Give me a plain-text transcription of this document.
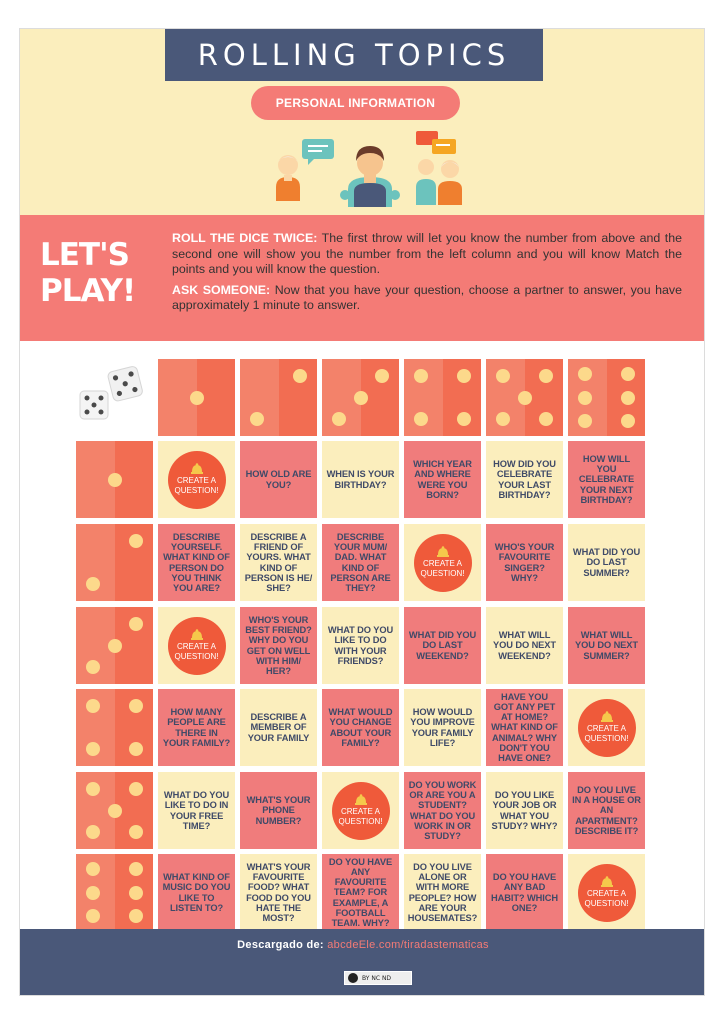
ROLLING TOPICS
PERSONAL INFORMATION
LET'S
PLAY!

ROLL THE DICE TWICE: The first throw will let you know the number from above and the second one will show you the number from the left column and you will know Match the points and you will know the question.

ASK SOMEONE: Now that you have your question, choose a partner to answer, you have approximately 1 minute to answer.

CREATE A QUESTION!
HOW OLD ARE YOU?
WHEN IS YOUR BIRTHDAY?
WHICH YEAR AND WHERE WERE YOU BORN?
HOW DID YOU CELEBRATE YOUR LAST BIRTHDAY?
HOW WILL YOU CELEBRATE YOUR NEXT BIRTHDAY?
DESCRIBE YOURSELF. WHAT KIND OF PERSON DO YOU THINK YOU ARE?
DESCRIBE A FRIEND OF YOURS. WHAT KIND OF PERSON IS HE/ SHE?
DESCRIBE YOUR MUM/ DAD. WHAT KIND OF PERSON ARE THEY?
CREATE A QUESTION!
WHO'S YOUR FAVOURITE SINGER? WHY?
WHAT DID YOU DO LAST SUMMER?
CREATE A QUESTION!
WHO'S YOUR BEST FRIEND? WHY DO YOU GET ON WELL WITH HIM/ HER?
WHAT DO YOU LIKE TO DO WITH YOUR FRIENDS?
WHAT DID YOU DO LAST WEEKEND?
WHAT WILL YOU DO NEXT WEEKEND?
WHAT WILL YOU DO NEXT SUMMER?
HOW MANY PEOPLE ARE THERE IN YOUR FAMILY?
DESCRIBE A MEMBER OF YOUR FAMILY
WHAT WOULD YOU CHANGE ABOUT YOUR FAMILY?
HOW WOULD YOU IMPROVE YOUR FAMILY LIFE?
HAVE YOU GOT ANY PET AT HOME? WHAT KIND OF ANIMAL? WHY DON'T YOU HAVE ONE?
CREATE A QUESTION!
WHAT DO YOU LIKE TO DO IN YOUR FREE TIME?
WHAT'S YOUR PHONE NUMBER?
CREATE A QUESTION!
DO YOU WORK OR ARE YOU A STUDENT? WHAT DO YOU WORK IN OR STUDY?
DO YOU LIKE YOUR JOB OR WHAT YOU STUDY? WHY?
DO YOU LIVE IN A HOUSE OR AN APARTMENT? DESCRIBE IT?
WHAT KIND OF MUSIC DO YOU LIKE TO LISTEN TO?
WHAT'S YOUR FAVOURITE FOOD? WHAT FOOD DO YOU HATE THE MOST?
DO YOU HAVE ANY FAVOURITE TEAM? FOR EXAMPLE, A FOOTBALL TEAM. WHY?
DO YOU LIVE ALONE OR WITH MORE PEOPLE? HOW ARE YOUR HOUSEMATES?
DO YOU HAVE ANY BAD HABIT? WHICH ONE?
CREATE A QUESTION!
Descargado de: abcdeEle.com/tiradastematicas
BY NC ND
